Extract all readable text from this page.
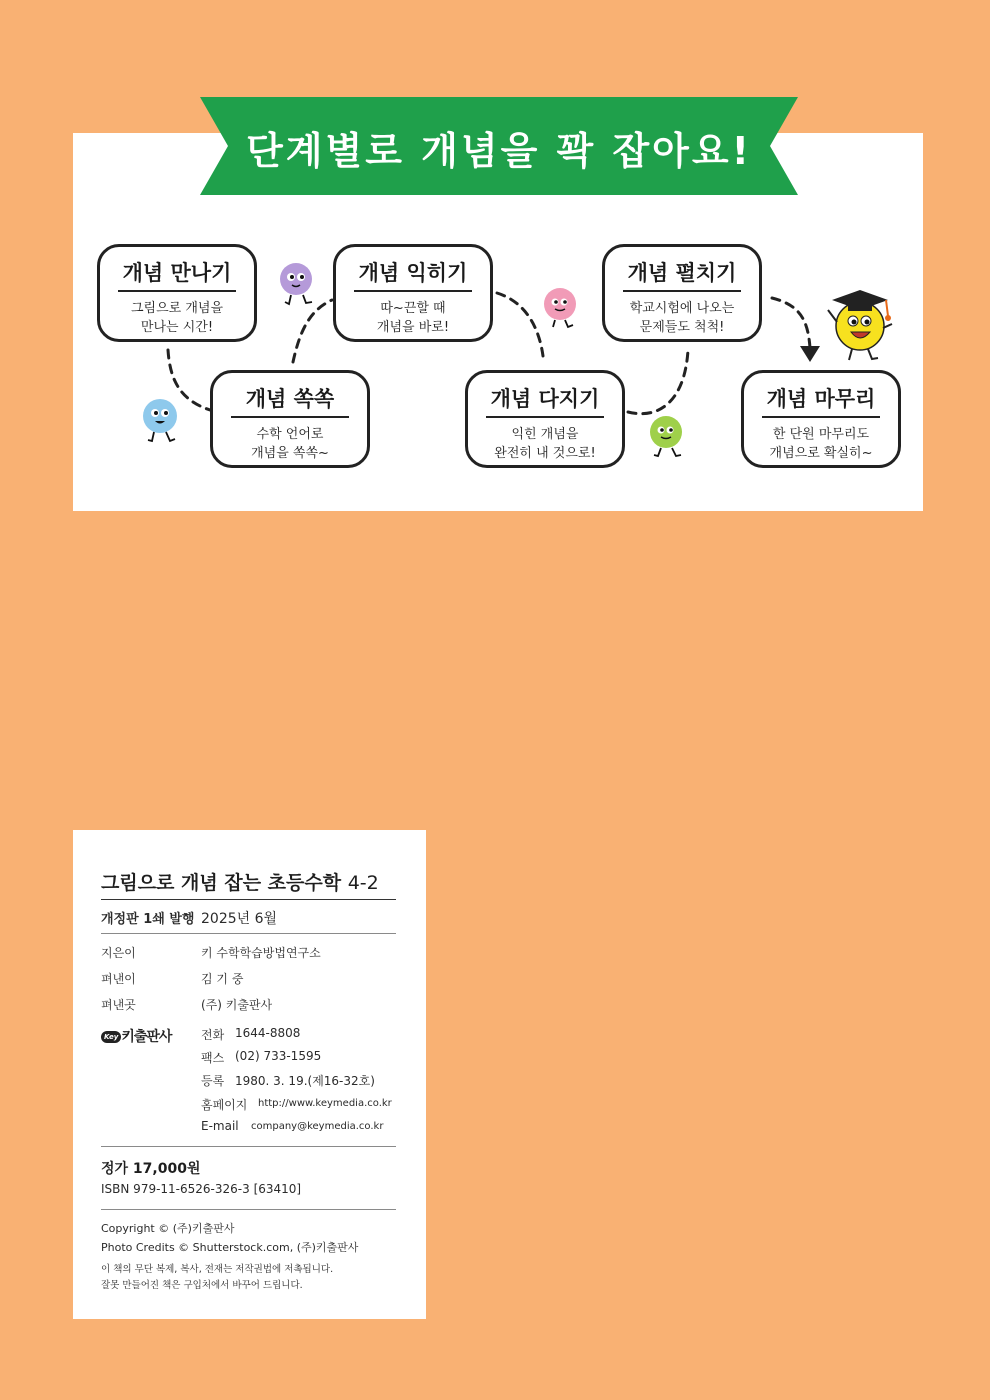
단계별로 개념을 꽉 잡아요!
개념 만나기
그림으로 개념을
만나는 시간!
개념 쏙쏙
수학 언어로
개념을 쏙쏙~
개념 익히기
따~끈할 때
개념을 바로!
개념 다지기
익힌 개념을
완전히 내 것으로!
개념 펼치기
학교시험에 나오는
문제들도 척척!
개념 마무리
한 단원 마무리도
개념으로 확실히~
그림으로 개념 잡는 초등수학 4-2
개정판 1쇄 발행 2025년 6월
지은이	키 수학학습방법연구소
펴낸이	김 기 중
펴낸곳	(주) 키출판사
Key 키출판사 전화 1644-8808
팩스 (02) 733-1595
등록 1980. 3. 19.(제16-32호)
홈페이지 http://www.keymedia.co.kr
E-mail company@keymedia.co.kr
정가 17,000원
ISBN 979-11-6526-326-3 [63410]
Copyright © (주)키출판사
Photo Credits © Shutterstock.com, (주)키출판사
이 책의 무단 복제, 복사, 전재는 저작권법에 저촉됩니다.
잘못 만들어진 책은 구입처에서 바꾸어 드립니다.
